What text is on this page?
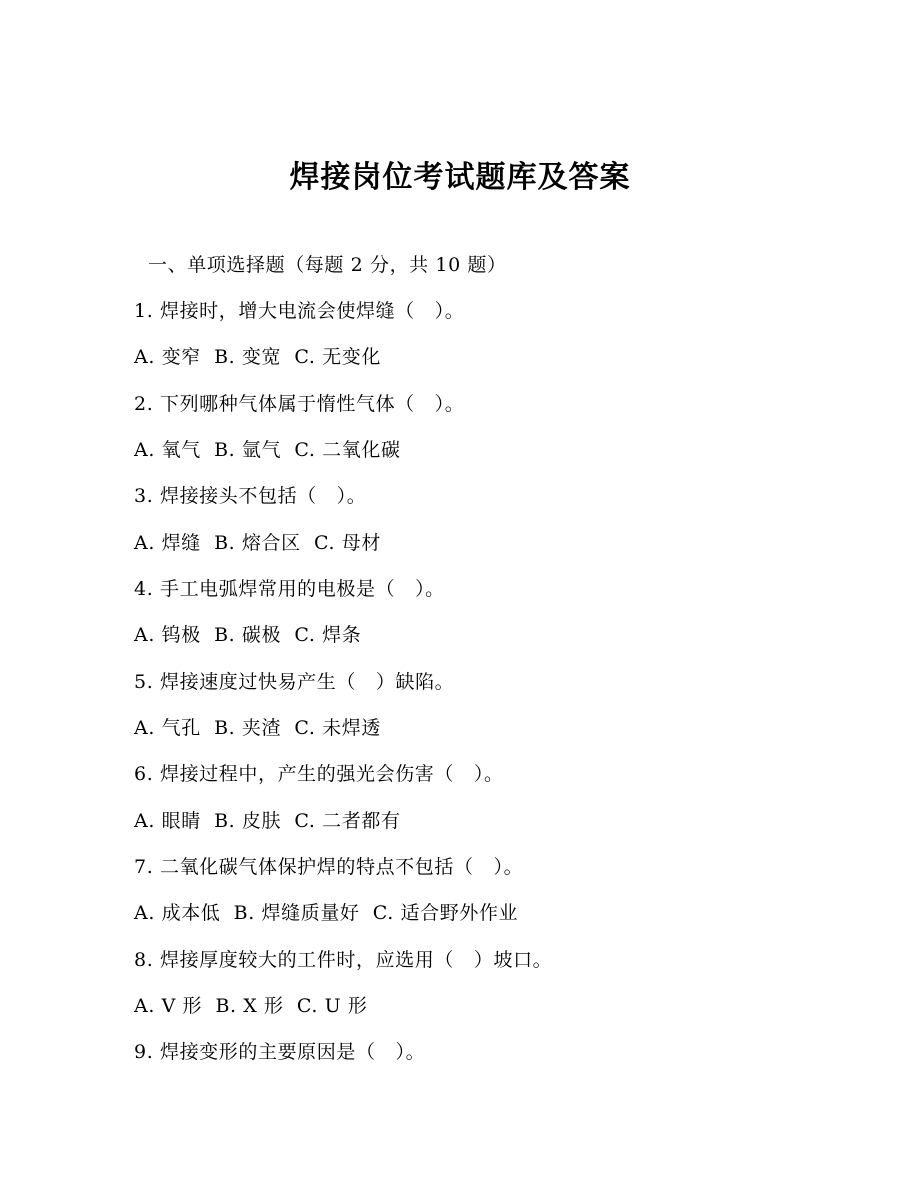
焊接岗位考试题库及答案
一、单项选择题（每题 2 分，共 10 题）
1. 焊接时，增大电流会使焊缝（   ）。
A. 变窄  B. 变宽  C. 无变化
2. 下列哪种气体属于惰性气体（   ）。
A. 氧气  B. 氩气  C. 二氧化碳
3. 焊接接头不包括（   ）。
A. 焊缝  B. 熔合区  C. 母材
4. 手工电弧焊常用的电极是（   ）。
A. 钨极  B. 碳极  C. 焊条
5. 焊接速度过快易产生（   ）缺陷。
A. 气孔  B. 夹渣  C. 未焊透
6. 焊接过程中，产生的强光会伤害（   ）。
A. 眼睛  B. 皮肤  C. 二者都有
7. 二氧化碳气体保护焊的特点不包括（   ）。
A. 成本低  B. 焊缝质量好  C. 适合野外作业
8. 焊接厚度较大的工件时，应选用（   ）坡口。
A. V 形  B. X 形  C. U 形
9. 焊接变形的主要原因是（   ）。
